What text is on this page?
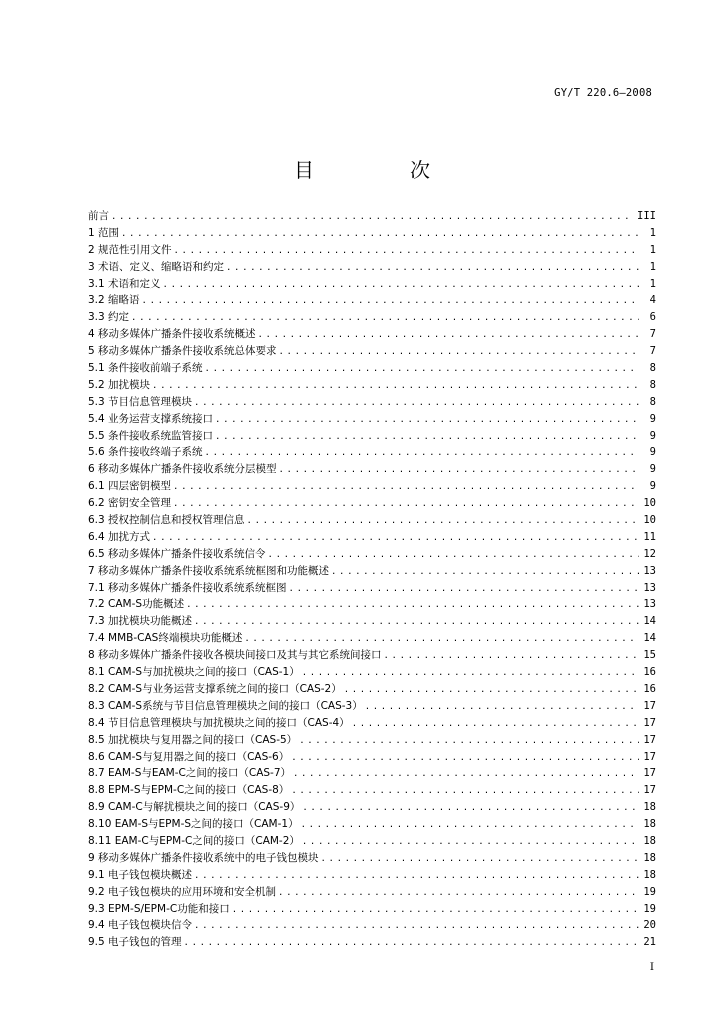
GY/T 220.6—2008
目　次
前言 .....	III
1 范围 .....	1
2 规范性引用文件 .....	1
3 术语、定义、缩略语和约定 .....	1
3.1 术语和定义 .....	1
3.2 缩略语 .....	4
3.3 约定 .....	6
4 移动多媒体广播条件接收系统概述 .....	7
5 移动多媒体广播条件接收系统总体要求 .....	7
5.1 条件接收前端子系统 .....	8
5.2 加扰模块 .....	8
5.3 节目信息管理模块 .....	8
5.4 业务运营支撑系统接口 .....	9
5.5 条件接收系统监管接口 .....	9
5.6 条件接收终端子系统 .....	9
6 移动多媒体广播条件接收系统分层模型 .....	9
6.1 四层密钥模型 .....	9
6.2 密钥安全管理 .....	10
6.3 授权控制信息和授权管理信息 .....	10
6.4 加扰方式 .....	11
6.5 移动多媒体广播条件接收系统信令 .....	12
7 移动多媒体广播条件接收系统系统框图和功能概述 .....	13
7.1 移动多媒体广播条件接收系统系统框图 .....	13
7.2 CAM-S功能概述 .....	13
7.3 加扰模块功能概述 .....	14
7.4 MMB-CAS终端模块功能概述 .....	14
8 移动多媒体广播条件接收各模块间接口及其与其它系统间接口 .....	15
8.1 CAM-S与加扰模块之间的接口（CAS-1） .....	16
8.2 CAM-S与业务运营支撑系统之间的接口（CAS-2） .....	16
8.3 CAM-S系统与节目信息管理模块之间的接口（CAS-3） .....	17
8.4 节目信息管理模块与加扰模块之间的接口（CAS-4） .....	17
8.5 加扰模块与复用器之间的接口（CAS-5） .....	17
8.6 CAM-S与复用器之间的接口（CAS-6） .....	17
8.7 EAM-S与EAM-C之间的接口（CAS-7） .....	17
8.8 EPM-S与EPM-C之间的接口（CAS-8） .....	17
8.9 CAM-C与解扰模块之间的接口（CAS-9） .....	18
8.10 EAM-S与EPM-S之间的接口（CAM-1） .....	18
8.11 EAM-C与EPM-C之间的接口（CAM-2） .....	18
9 移动多媒体广播条件接收系统中的电子钱包模块 .....	18
9.1 电子钱包模块概述 .....	18
9.2 电子钱包模块的应用环境和安全机制 .....	19
9.3 EPM-S/EPM-C功能和接口 .....	19
9.4 电子钱包模块信令 .....	20
9.5 电子钱包的管理 .....	21
I
